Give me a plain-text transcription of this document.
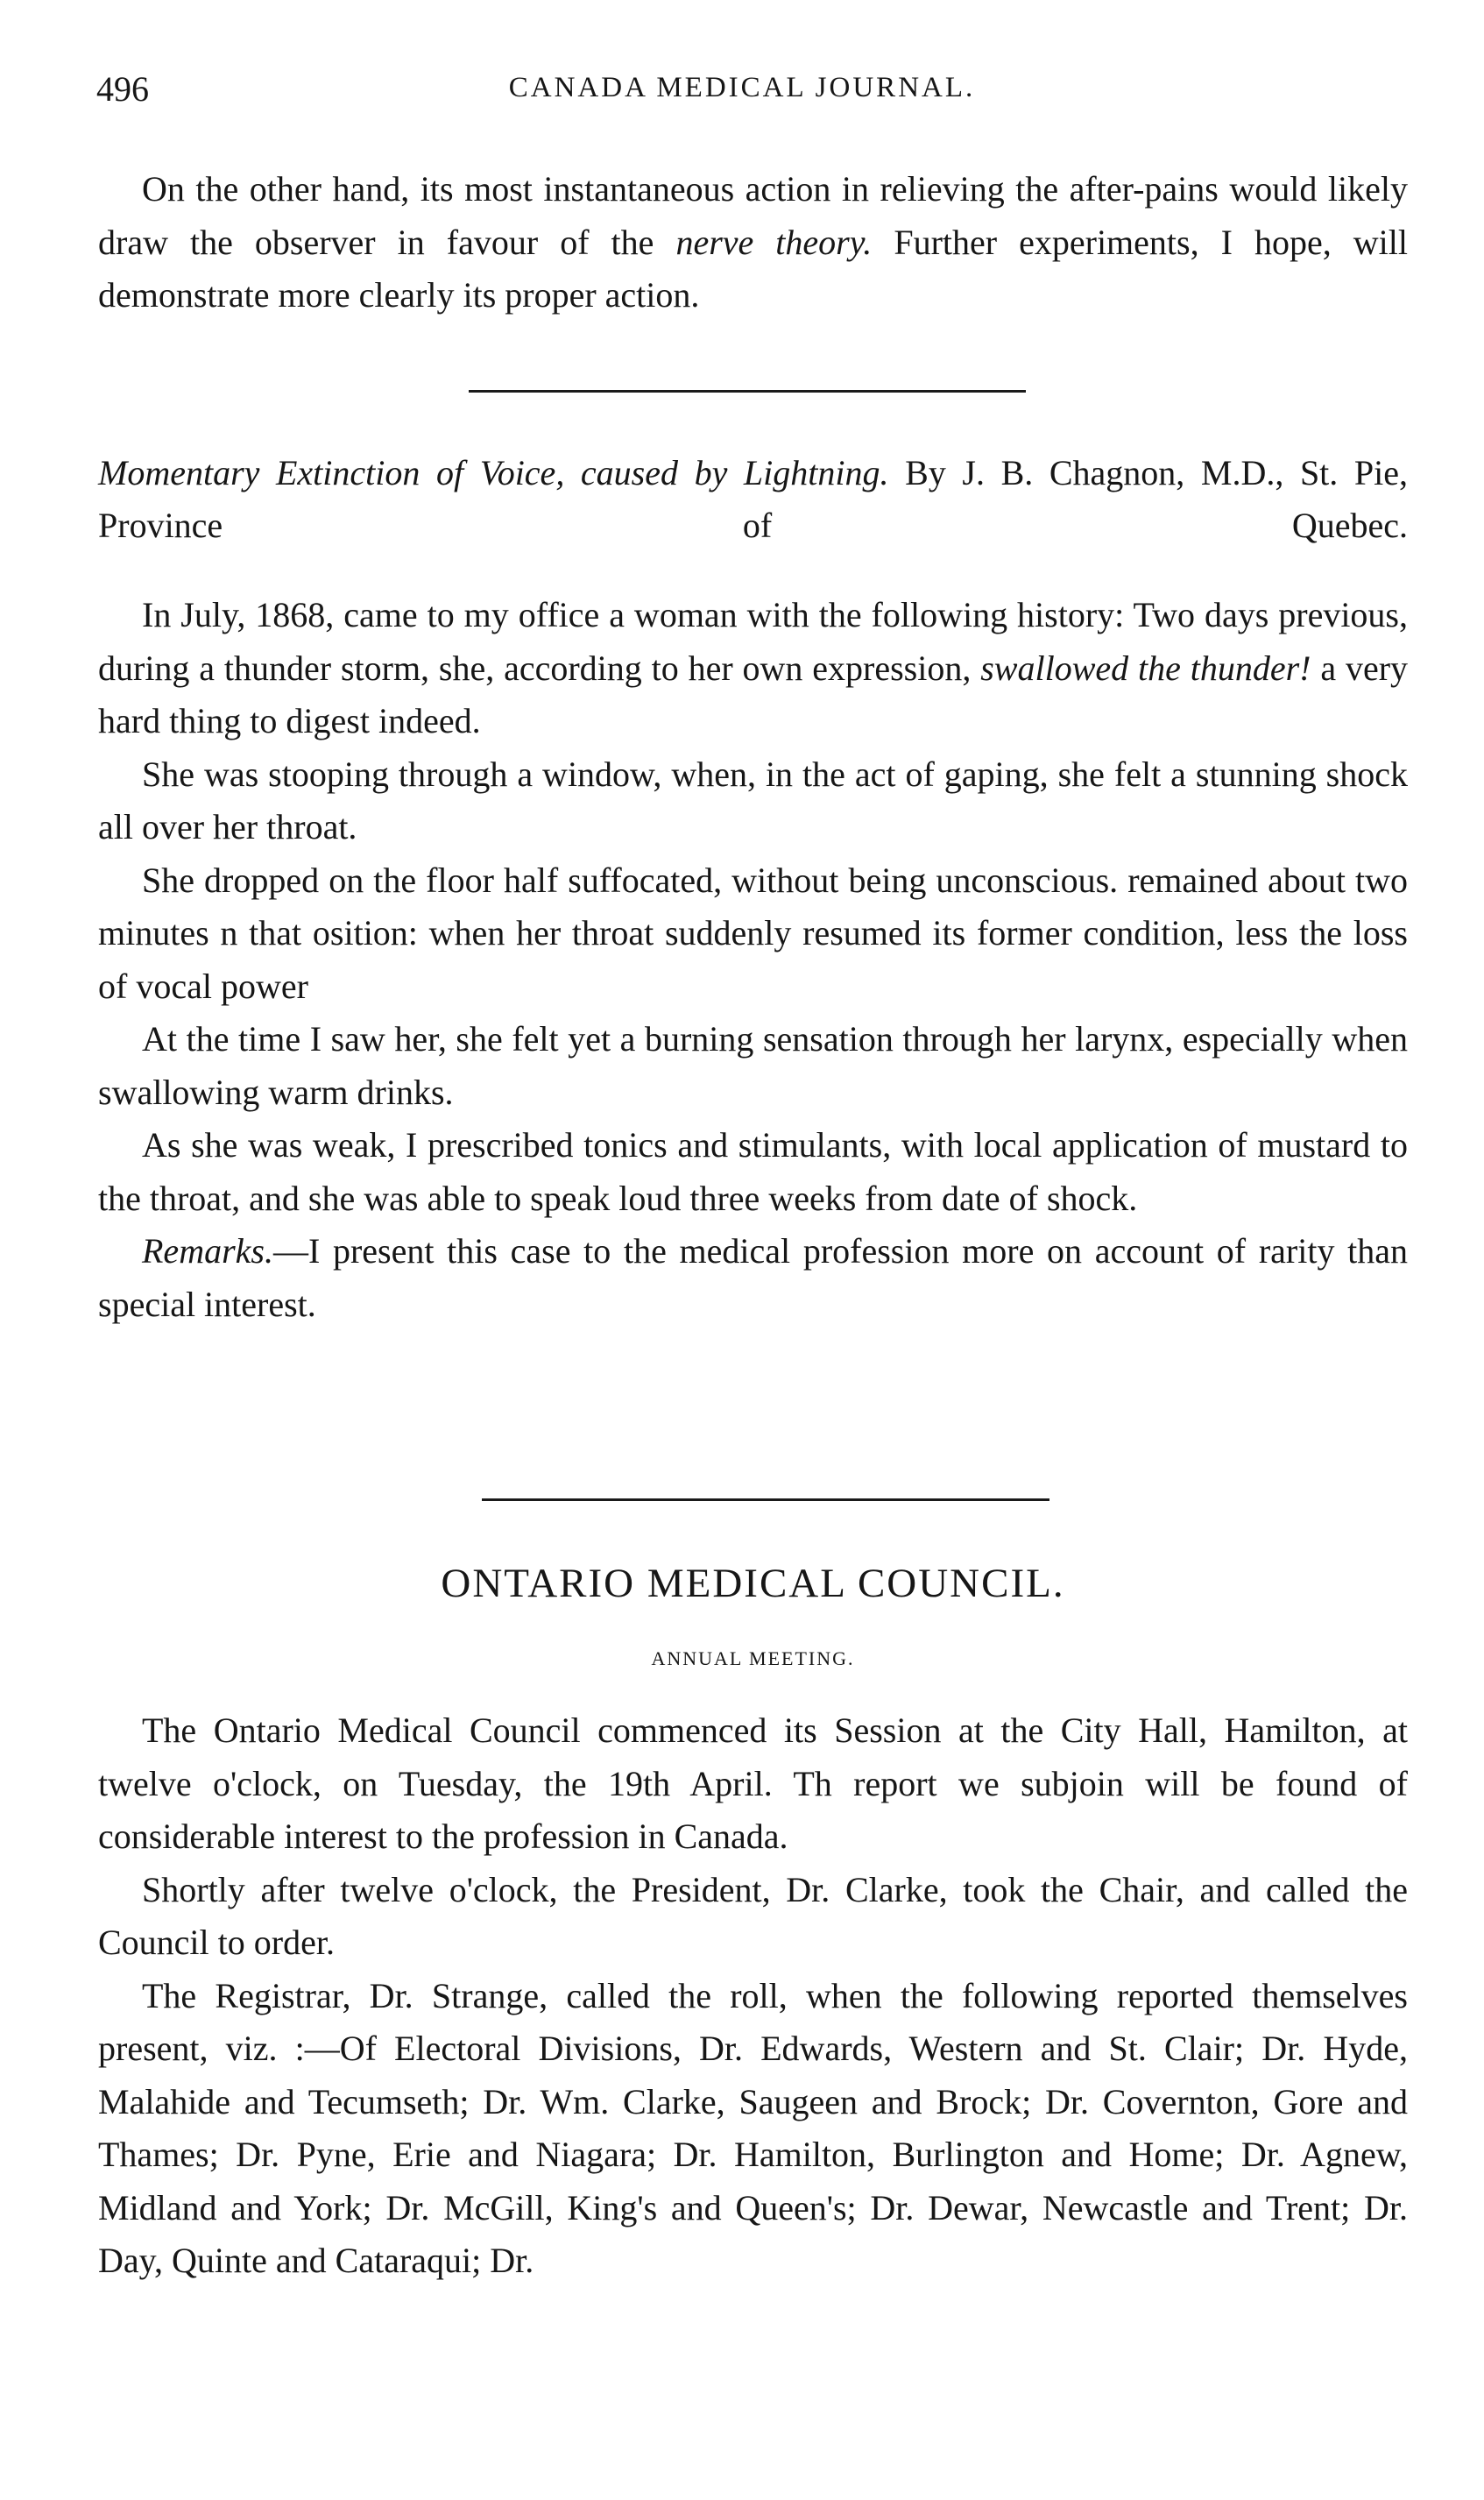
496	CANADA MEDICAL JOURNAL.

On the other hand, its most instantaneous action in relieving the after-pains would likely draw the observer in favour of the nerve theory. Further experiments, I hope, will demonstrate more clearly its proper action.

Momentary Extinction of Voice, caused by Lightning. By J. B. Chagnon, M.D., St. Pie, Province of Quebec.

In July, 1868, came to my office a woman with the following history: Two days previous, during a thunder storm, she, according to her own expression, swallowed the thunder! a very hard thing to digest indeed.

She was stooping through a window, when, in the act of gaping, she felt a stunning shock all over her throat.

She dropped on the floor half suffocated, without being unconscious. remained about two minutes n that osition: when her throat suddenly resumed its former condition, less the loss of vocal power

At the time I saw her, she felt yet a burning sensation through her larynx, especially when swallowing warm drinks.

As she was weak, I prescribed tonics and stimulants, with local application of mustard to the throat, and she was able to speak loud three weeks from date of shock.

Remarks.—I present this case to the medical profession more on account of rarity than special interest.

ONTARIO MEDICAL COUNCIL.
ANNUAL MEETING.

The Ontario Medical Council commenced its Session at the City Hall, Hamilton, at twelve o'clock, on Tuesday, the 19th April. Th report we subjoin will be found of considerable interest to the profession in Canada.

Shortly after twelve o'clock, the President, Dr. Clarke, took the Chair, and called the Council to order.

The Registrar, Dr. Strange, called the roll, when the following reported themselves present, viz. :—Of Electoral Divisions, Dr. Edwards, Western and St. Clair; Dr. Hyde, Malahide and Tecumseth; Dr. Wm. Clarke, Saugeen and Brock; Dr. Covernton, Gore and Thames; Dr. Pyne, Erie and Niagara; Dr. Hamilton, Burlington and Home; Dr. Agnew, Midland and York; Dr. McGill, King's and Queen's; Dr. Dewar, Newcastle and Trent; Dr. Day, Quinte and Cataraqui; Dr.
